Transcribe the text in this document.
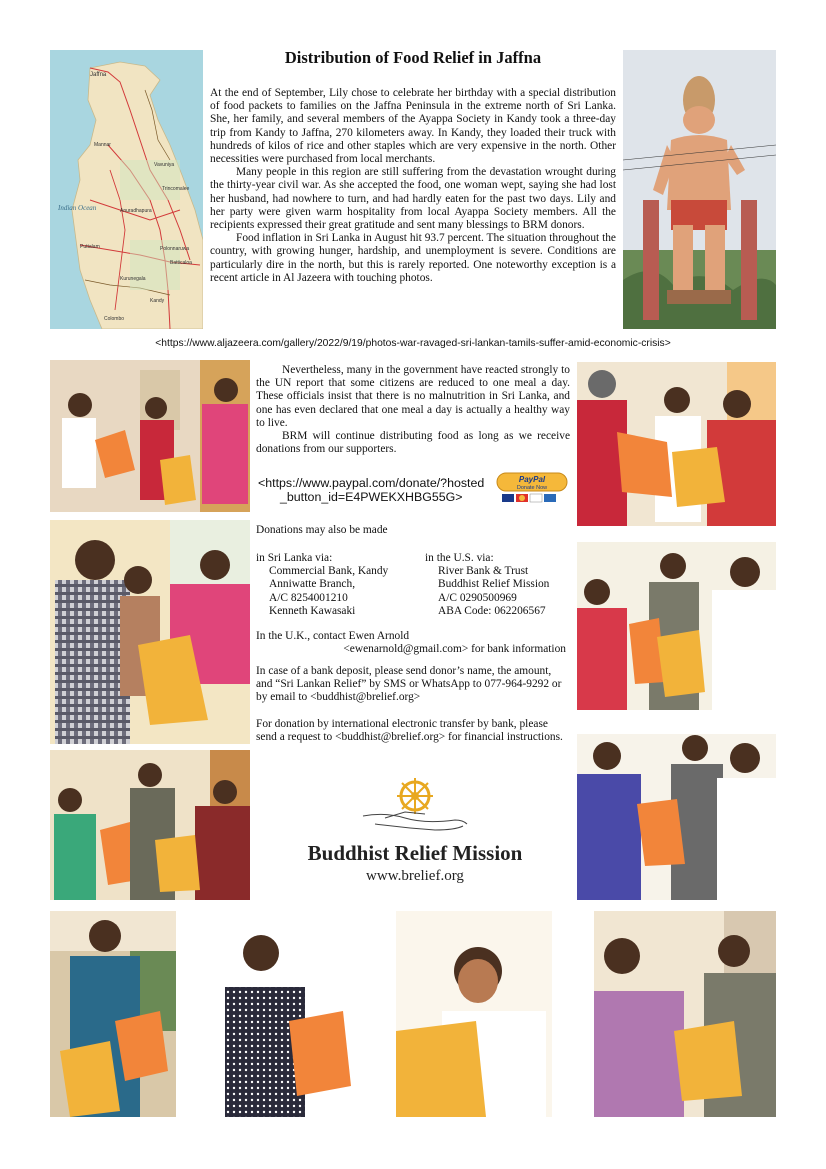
Jaffna
Mannar
Vavuniya
Trincomalee
Anuradhapura
Puttalam
Kurunegala
Colombo
Kandy
Batticaloa
Polonnaruwa
Indian Ocean
Distribution of Food Relief in Jaffna

At the end of September, Lily chose to celebrate her birthday with a special distribution of food packets to families on the Jaffna Peninsula in the extreme north of Sri Lanka. She, her family, and several members of the Ayappa Society in Kandy took a three-day trip from Kandy to Jaffna, 270 kilometers away. In Kandy, they loaded their truck with hundreds of kilos of rice and other staples which are very expensive in the north. Other necessities were purchased from local merchants.

Many people in this region are still suffering from the devastation wrought during the thirty-year civil war. As she accepted the food, one woman wept, saying she had lost her husband, had nowhere to turn, and had hardly eaten for the past two days. Lily and her party were given warm hospitality from local Ayappa Society members. All the recipients expressed their great gratitude and sent many blessings to BRM donors.

Food inflation in Sri Lanka in August hit 93.7 percent. The situation throughout the country, with growing hunger, hardship, and unemployment is severe. Conditions are particularly dire in the north, but this is rarely reported. One noteworthy exception is a recent article in Al Jazeera with touching photos.

<https://www.aljazeera.com/gallery/2022/9/19/photos-war-ravaged-sri-lankan-tamils-suffer-amid-economic-crisis>

Nevertheless, many in the government have reacted strongly to the UN report that some citizens are reduced to one meal a day. These officials insist that there is no malnutrition in Sri Lanka, and one has even declared that one meal a day is actually a healthy way to live.

BRM will continue distributing food as long as we receive donations from our supporters.

<https://www.paypal.com/donate/?hosted
_button_id=E4PWEKXHBG55G>
PayPal
Donate Now
Donations may also be made

in Sri Lanka via:

Commercial Bank, Kandy

Anniwatte Branch,

A/C 8254001210

Kenneth Kawasaki

in the U.S. via:

River Bank & Trust

Buddhist Relief Mission

A/C 0290500969

ABA Code: 062206567

In the U.K., contact Ewen Arnold

<ewenarnold@gmail.com> for bank information

In case of a bank deposit, please send donor’s name, the amount, and “Sri Lankan Relief” by SMS or WhatsApp to 077-964-9292 or by email to <buddhist@brelief.org>
For donation by international electronic transfer by bank, please send a request to <buddhist@brelief.org> for financial instructions.
Buddhist Relief Mission
www.brelief.org
